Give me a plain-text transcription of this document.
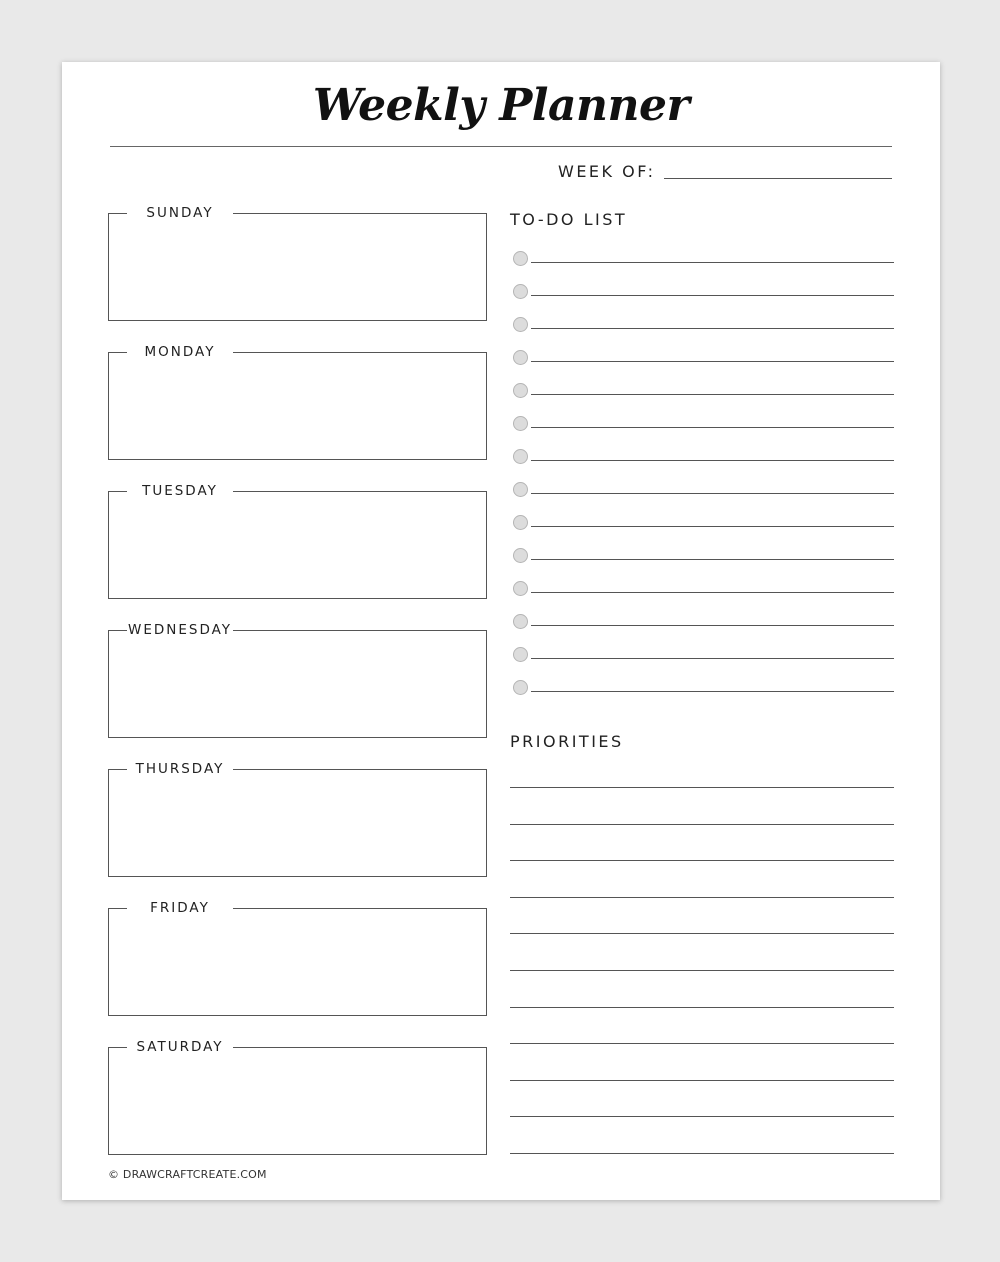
Weekly Planner
WEEK OF:
SUNDAY
MONDAY
TUESDAY
WEDNESDAY
THURSDAY
FRIDAY
SATURDAY
TO-DO LIST
PRIORITIES
© DRAWCRAFTCREATE.COM
